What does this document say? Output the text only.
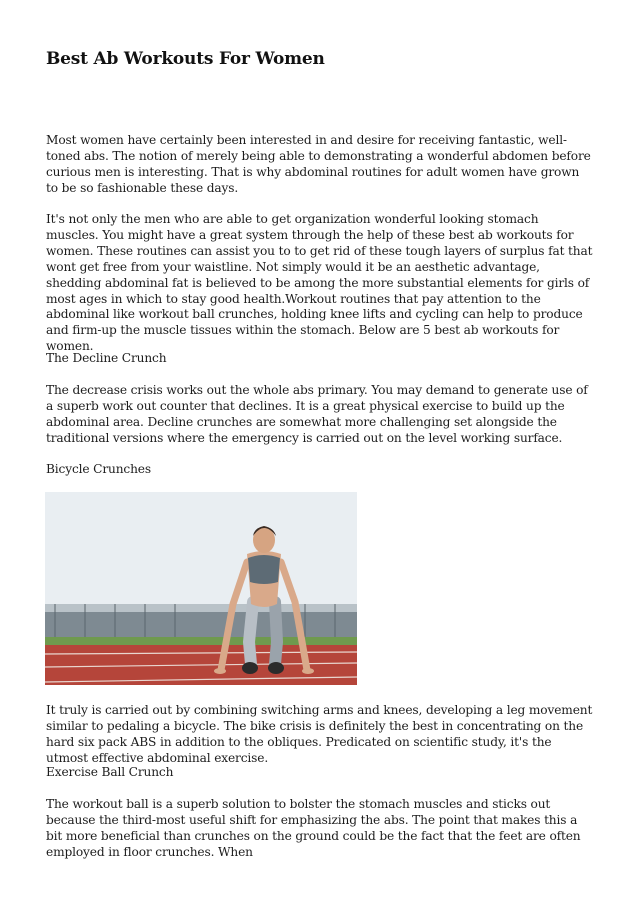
Best Ab Workouts For Women

Most women have certainly been interested in and desire for receiving fantastic, well-toned abs. The notion of merely being able to demonstrating a wonderful abdomen before curious men is interesting. That is why abdominal routines for adult women have grown to be so fashionable these days.

It's not only the men who are able to get organization wonderful looking stomach muscles. You might have a great system through the help of these best ab workouts for women. These routines can assist you to to get rid of these tough layers of surplus fat that wont get free from your waistline. Not simply would it be an aesthetic advantage, shedding abdominal fat is believed to be among the more substantial elements for girls of most ages in which to stay good health.Workout routines that pay attention to the abdominal like workout ball crunches, holding knee lifts and cycling can help to produce and firm-up the muscle tissues within the stomach. Below are 5 best ab workouts for women.

The Decline Crunch

The decrease crisis works out the whole abs primary. You may demand to generate use of a superb work out counter that declines. It is a great physical exercise to build up the abdominal area. Decline crunches are somewhat more challenging set alongside the traditional versions where the emergency is carried out on the level working surface.

Bicycle Crunches

It truly is carried out by combining switching arms and knees, developing a leg movement similar to pedaling a bicycle. The bike crisis is definitely the best in concentrating on the hard six pack ABS in addition to the obliques. Predicated on scientific study, it's the utmost effective abdominal exercise.

Exercise Ball Crunch

The workout ball is a superb solution to bolster the stomach muscles and sticks out because the third-most useful shift for emphasizing the abs. The point that makes this a bit more beneficial than crunches on the ground could be the fact that the feet are often employed in floor crunches. When
